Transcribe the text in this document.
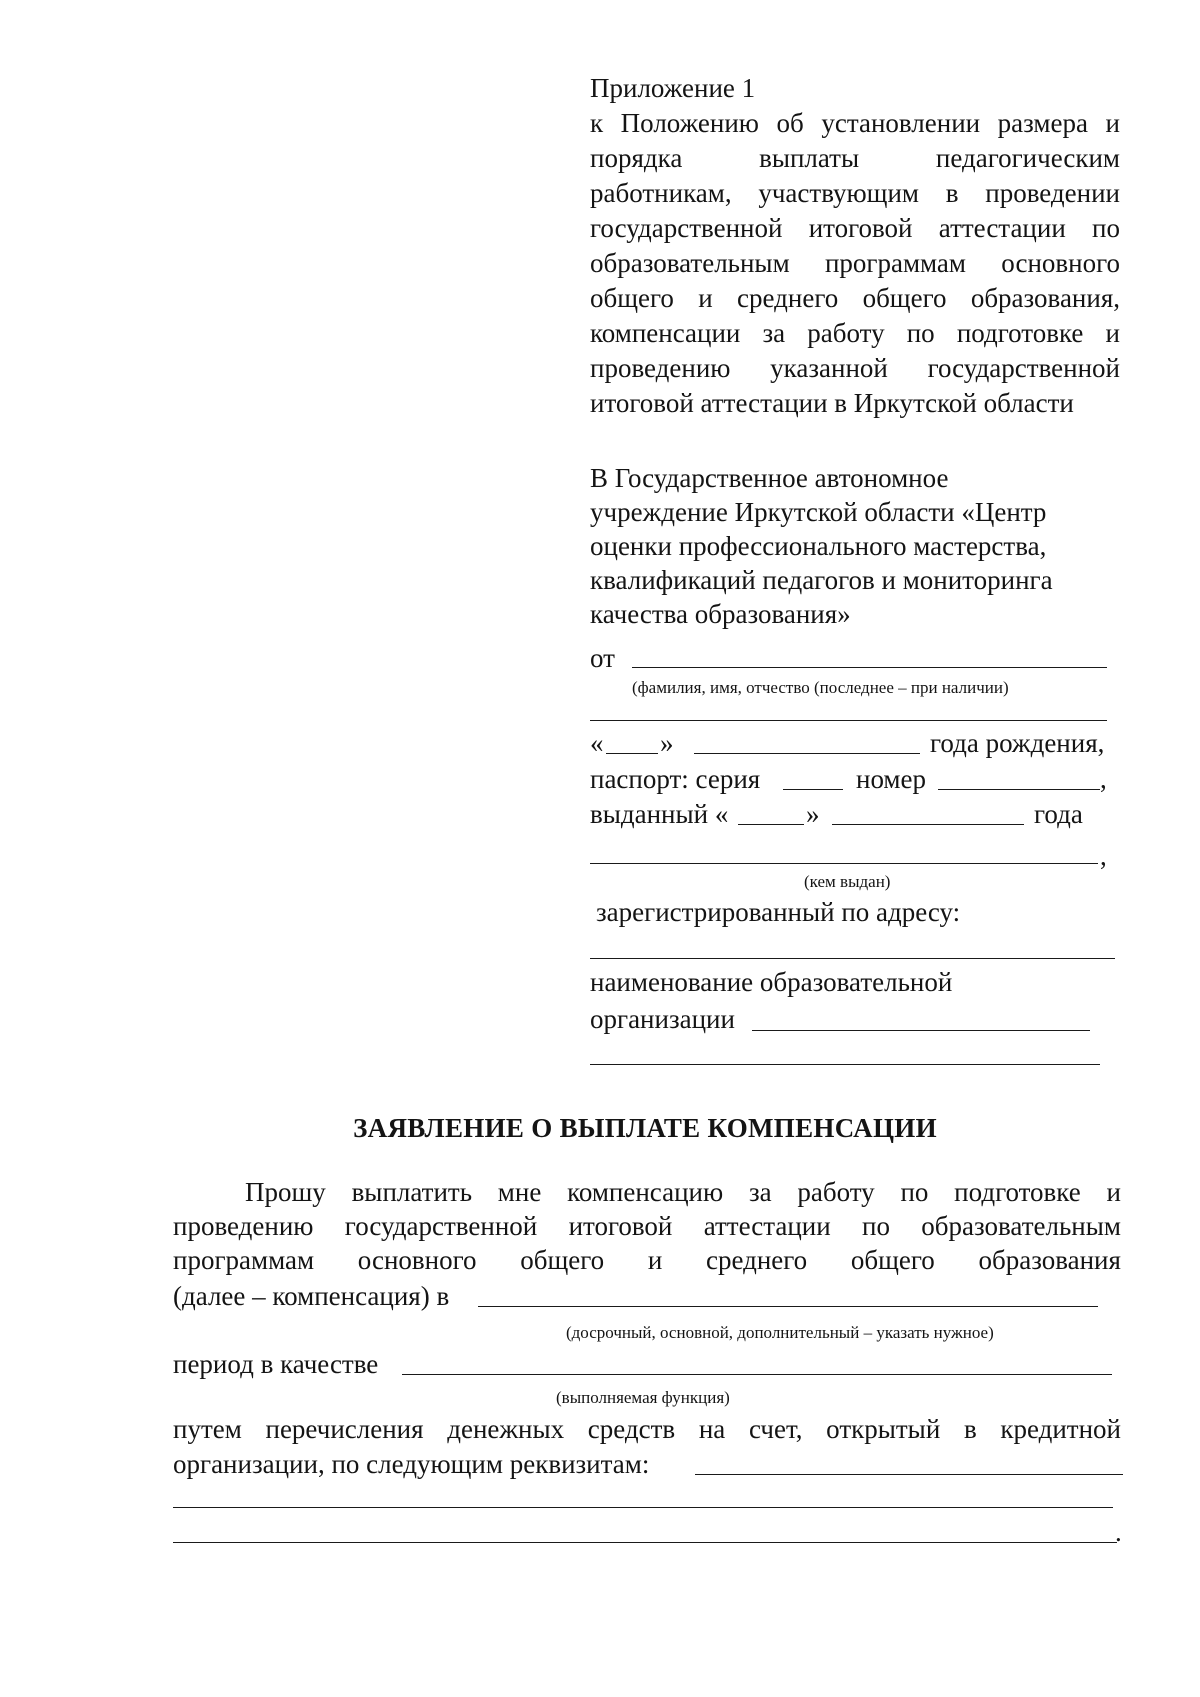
Приложение 1
к Положению об установлении размера и
порядка выплаты педагогическим
работникам, участвующим в проведении
государственной итоговой аттестации по
образовательным программам основного
общего и среднего общего образования,
компенсации за работу по подготовке и
проведению указанной государственной
итоговой аттестации в Иркутской области
В Государственное автономное
учреждение Иркутской области «Центр
оценки профессионального мастерства,
квалификаций педагогов и мониторинга
качества образования»
от
(фамилия, имя, отчество (последнее – при наличии)
« »	года рождения,
паспорт: серия	номер	,
выданный «	»	года
,
(кем выдан)
зарегистрированный по адресу:
наименование образовательной
организации
ЗАЯВЛЕНИЕ О ВЫПЛАТЕ КОМПЕНСАЦИИ
Прошу выплатить мне компенсацию за работу по подготовке и
проведению государственной итоговой аттестации по образовательным
программам основного общего и среднего общего образования
(далее – компенсация) в
(досрочный, основной, дополнительный – указать нужное)
период в качестве
(выполняемая функция)
путем перечисления денежных средств на счет, открытый в кредитной
организации, по следующим реквизитам:
.
